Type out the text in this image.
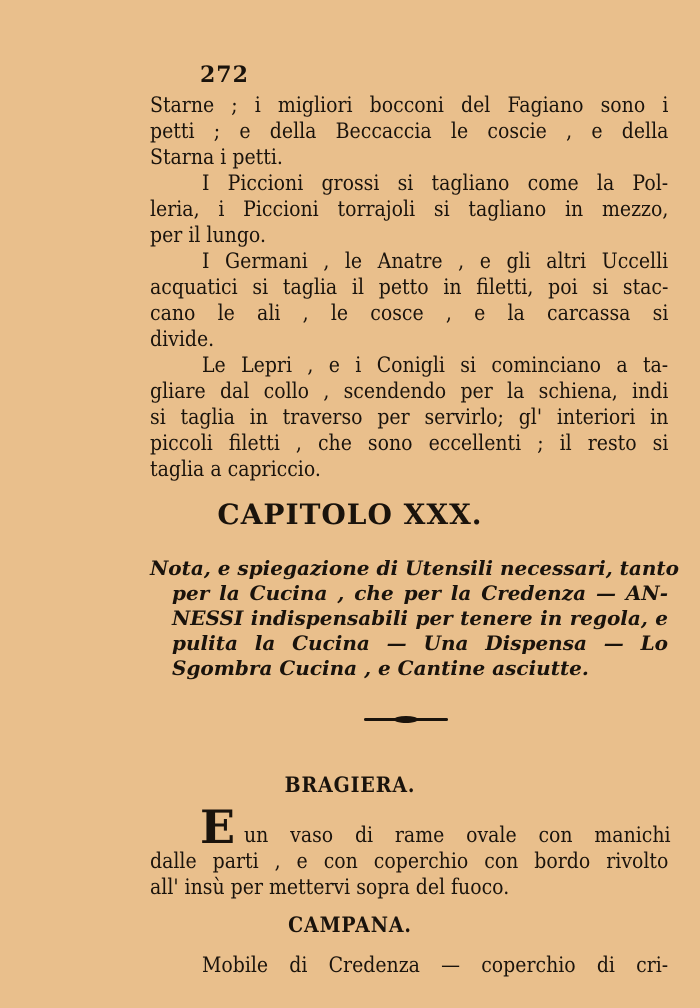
272
Starne ; i migliori bocconi del Fagiano sono i
petti ; e della Beccaccia le coscie , e della
Starna i petti.
I Piccioni grossi si tagliano come la Pol-
leria, i Piccioni torrajoli si tagliano in mezzo,
per il lungo.
I Germani , le Anatre , e gli altri Uccelli
acquatici si taglia il petto in filetti, poi si stac-
cano le ali , le cosce , e la carcassa si
divide.
Le Lepri , e i Conigli si cominciano a ta-
gliare dal collo , scendendo per la schiena, indi
si taglia in traverso per servirlo; gl' interiori in
piccoli filetti , che sono eccellenti ; il resto si
taglia a capriccio.
CAPITOLO XXX.
Nota, e spiegazione di Utensili necessari, tanto
per la Cucina , che per la Credenza — AN-
NESSI indispensabili per tenere in regola, e
pulita la Cucina — Una Dispensa — Lo
Sgombra Cucina , e Cantine asciutte.
BRAGIERA.
E un vaso di rame ovale con manichi
dalle parti , e con coperchio con bordo rivolto
all' insù per mettervi sopra del fuoco.
CAMPANA.
Mobile di Credenza — coperchio di cri-
